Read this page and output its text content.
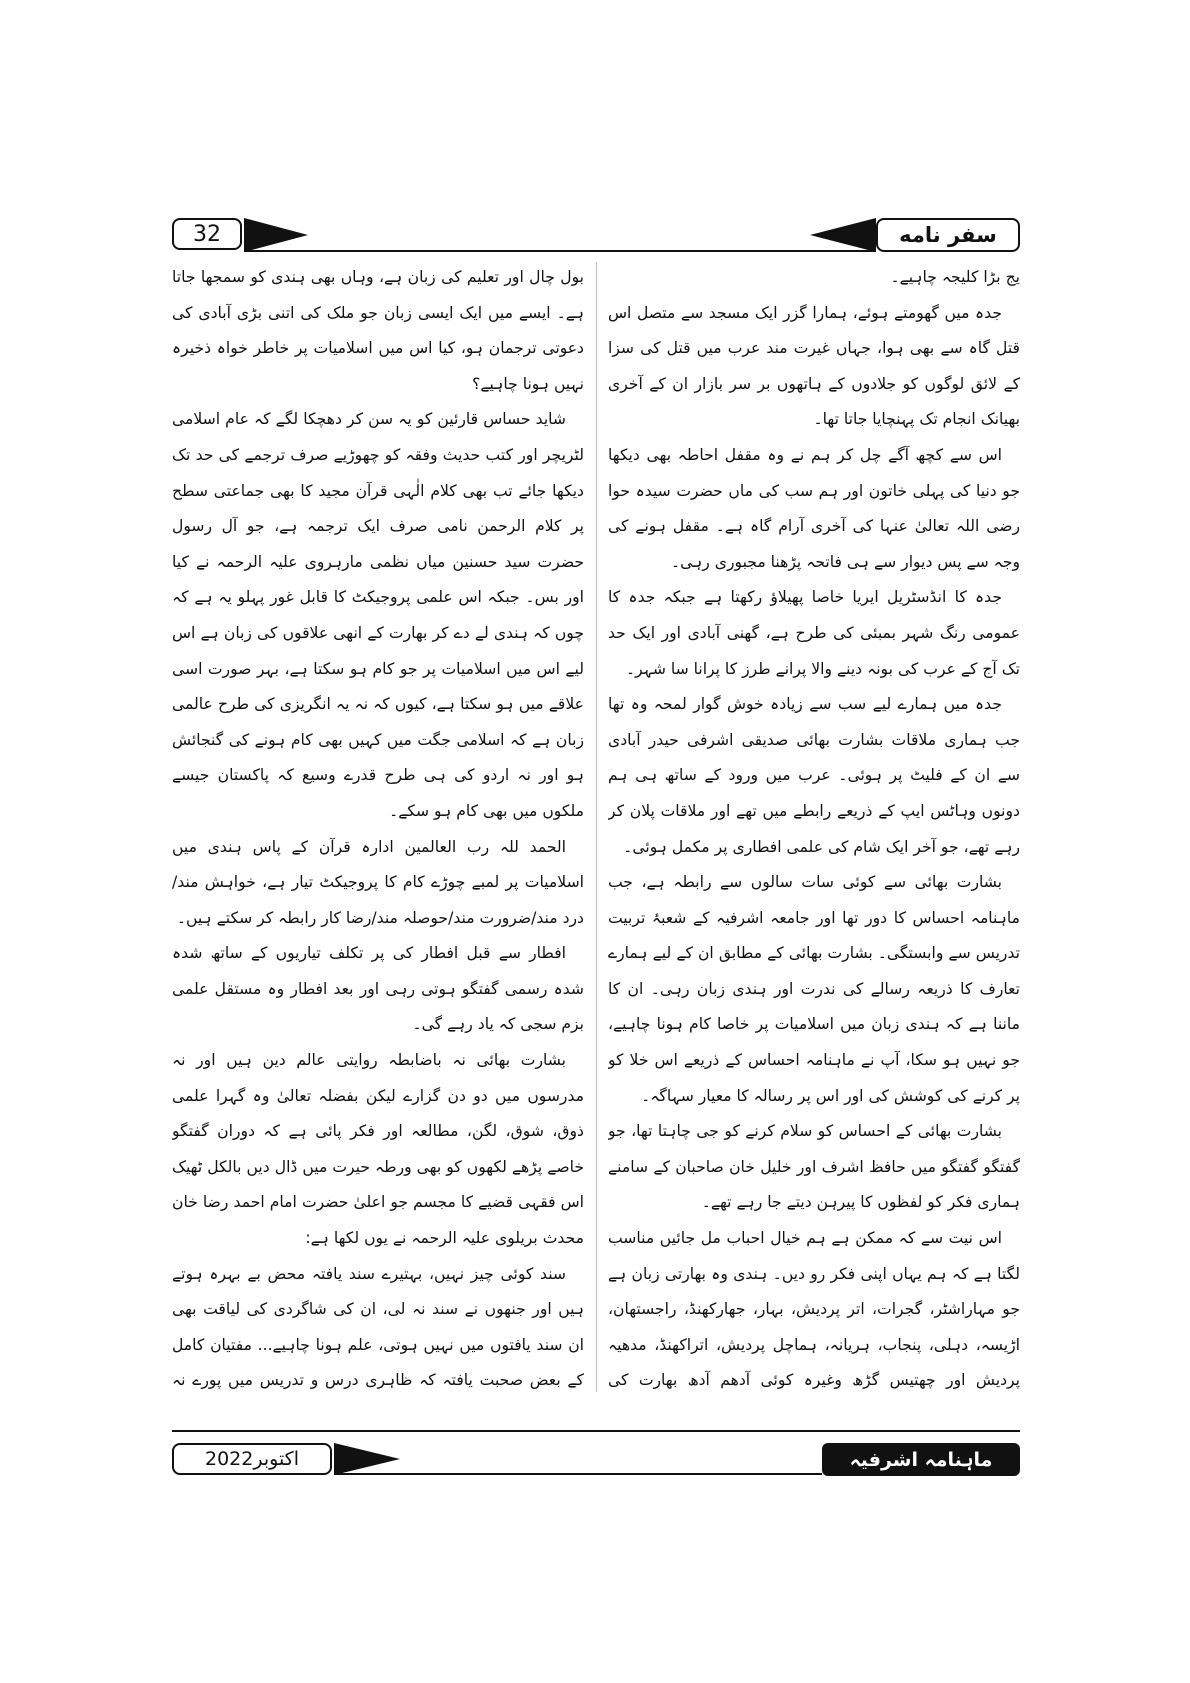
32	سفر نامه

یج بڑا کلیجہ چاہیے۔

جدہ میں گھومتے ہوئے، ہمارا گزر ایک مسجد سے متصل اس قتل گاہ سے بھی ہوا، جہاں غیرت مند عرب میں قتل کی سزا کے لائق لوگوں کو جلادوں کے ہاتھوں بر سر بازار ان کے آخری بھیانک انجام تک پہنچایا جاتا تھا۔

اس سے کچھ آگے چل کر ہم نے وہ مقفل احاطہ بھی دیکھا جو دنیا کی پہلی خاتون اور ہم سب کی ماں حضرت سیدہ حوا رضی اللہ تعالیٰ عنہا کی آخری آرام گاہ ہے۔ مقفل ہونے کی وجہ سے پس دیوار سے ہی فاتحہ پڑھنا مجبوری رہی۔

جدہ کا انڈسٹریل ایریا خاصا پھیلاؤ رکھتا ہے جبکہ جدہ کا عمومی رنگ شہر بمبئی کی طرح ہے، گھنی آبادی اور ایک حد تک آج کے عرب کی بونہ دینے والا پرانے طرز کا پرانا سا شہر۔

جدہ میں ہمارے لیے سب سے زیادہ خوش گوار لمحہ وہ تھا جب ہماری ملاقات بشارت بھائی صدیقی اشرفی حیدر آبادی سے ان کے فلیٹ پر ہوئی۔ عرب میں ورود کے ساتھ ہی ہم دونوں وہاٹس ایپ کے ذریعے رابطے میں تھے اور ملاقات پلان کر رہے تھے، جو آخر ایک شام کی علمی افطاری پر مکمل ہوئی۔

بشارت بھائی سے کوئی سات سالوں سے رابطہ ہے، جب ماہنامہ احساس کا دور تھا اور جامعہ اشرفیہ کے شعبۂ تربیت تدریس سے وابستگی۔ بشارت بھائی کے مطابق ان کے لیے ہمارے تعارف کا ذریعہ رسالے کی ندرت اور ہندی زبان رہی۔ ان کا ماننا ہے کہ ہندی زبان میں اسلامیات پر خاصا کام ہونا چاہیے، جو نہیں ہو سکا، آپ نے ماہنامہ احساس کے ذریعے اس خلا کو پر کرنے کی کوشش کی اور اس پر رسالہ کا معیار سہاگہ۔

بشارت بھائی کے احساس کو سلام کرنے کو جی چاہتا تھا، جو گفتگو گفتگو میں حافظ اشرف اور خلیل خان صاحبان کے سامنے ہماری فکر کو لفظوں کا پیرہن دیتے جا رہے تھے۔

اس نیت سے کہ ممکن ہے ہم خیال احباب مل جائیں مناسب لگتا ہے کہ ہم یہاں اپنی فکر رو دیں۔ ہندی وہ بھارتی زبان ہے جو مہاراشٹر، گجرات، اتر پردیش، بہار، جھارکھنڈ، راجستھان، اڑیسہ، دہلی، پنجاب، ہریانہ، ہماچل پردیش، اتراکھنڈ، مدھیہ پردیش اور چھتیس گڑھ وغیرہ کوئی آدھم آدھ بھارت کی

بول چال اور تعلیم کی زبان ہے، وہاں بھی ہندی کو سمجھا جاتا ہے۔ ایسے میں ایک ایسی زبان جو ملک کی اتنی بڑی آبادی کی دعوتی ترجمان ہو، کیا اس میں اسلامیات پر خاطر خواہ ذخیرہ نہیں ہونا چاہیے؟

شاید حساس قارئین کو یہ سن کر دھچکا لگے کہ عام اسلامی لٹریچر اور کتب حدیث وفقہ کو چھوڑیے صرف ترجمے کی حد تک دیکھا جائے تب بھی کلام الٰہی قرآن مجید کا بھی جماعتی سطح پر کلام الرحمن نامی صرف ایک ترجمہ ہے، جو آل رسول حضرت سید حسنین میاں نظمی مارہروی علیہ الرحمہ نے کیا اور بس۔ جبکہ اس علمی پروجیکٹ کا قابل غور پہلو یہ ہے کہ چوں کہ ہندی لے دے کر بھارت کے انھی علاقوں کی زبان ہے اس لیے اس میں اسلامیات پر جو کام ہو سکتا ہے، بہر صورت اسی علاقے میں ہو سکتا ہے، کیوں کہ نہ یہ انگریزی کی طرح عالمی زبان ہے کہ اسلامی جگت میں کہیں بھی کام ہونے کی گنجائش ہو اور نہ اردو کی ہی طرح قدرے وسیع کہ پاکستان جیسے ملکوں میں بھی کام ہو سکے۔

الحمد للہ رب العالمین ادارہ قرآن کے پاس ہندی میں اسلامیات پر لمبے چوڑے کام کا پروجیکٹ تیار ہے، خواہش مند/درد مند/ضرورت مند/حوصلہ مند/رضا کار رابطہ کر سکتے ہیں۔

افطار سے قبل افطار کی پر تکلف تیاریوں کے ساتھ شدہ شدہ رسمی گفتگو ہوتی رہی اور بعد افطار وہ مستقل علمی بزم سجی کہ یاد رہے گی۔

بشارت بھائی نہ باضابطہ روایتی عالم دین ہیں اور نہ مدرسوں میں دو دن گزارے لیکن بفضلہ تعالیٰ وہ گہرا علمی ذوق، شوق، لگن، مطالعہ اور فکر پائی ہے کہ دوران گفتگو خاصے پڑھے لکھوں کو بھی ورطہ حیرت میں ڈال دیں بالکل ٹھیک اس فقہی قضیے کا مجسم جو اعلیٰ حضرت امام احمد رضا خان محدث بریلوی علیہ الرحمہ نے یوں لکھا ہے:

سند کوئی چیز نہیں، بہتیرے سند یافتہ محض بے بہرہ ہوتے ہیں اور جنھوں نے سند نہ لی، ان کی شاگردی کی لیاقت بھی ان سند یافتوں میں نہیں ہوتی، علم ہونا چاہیے... مفتیان کامل کے بعض صحبت یافتہ کہ ظاہری درس و تدریس میں پورے نہ

اکتوبر2022	ماہنامہ اشرفیہ
